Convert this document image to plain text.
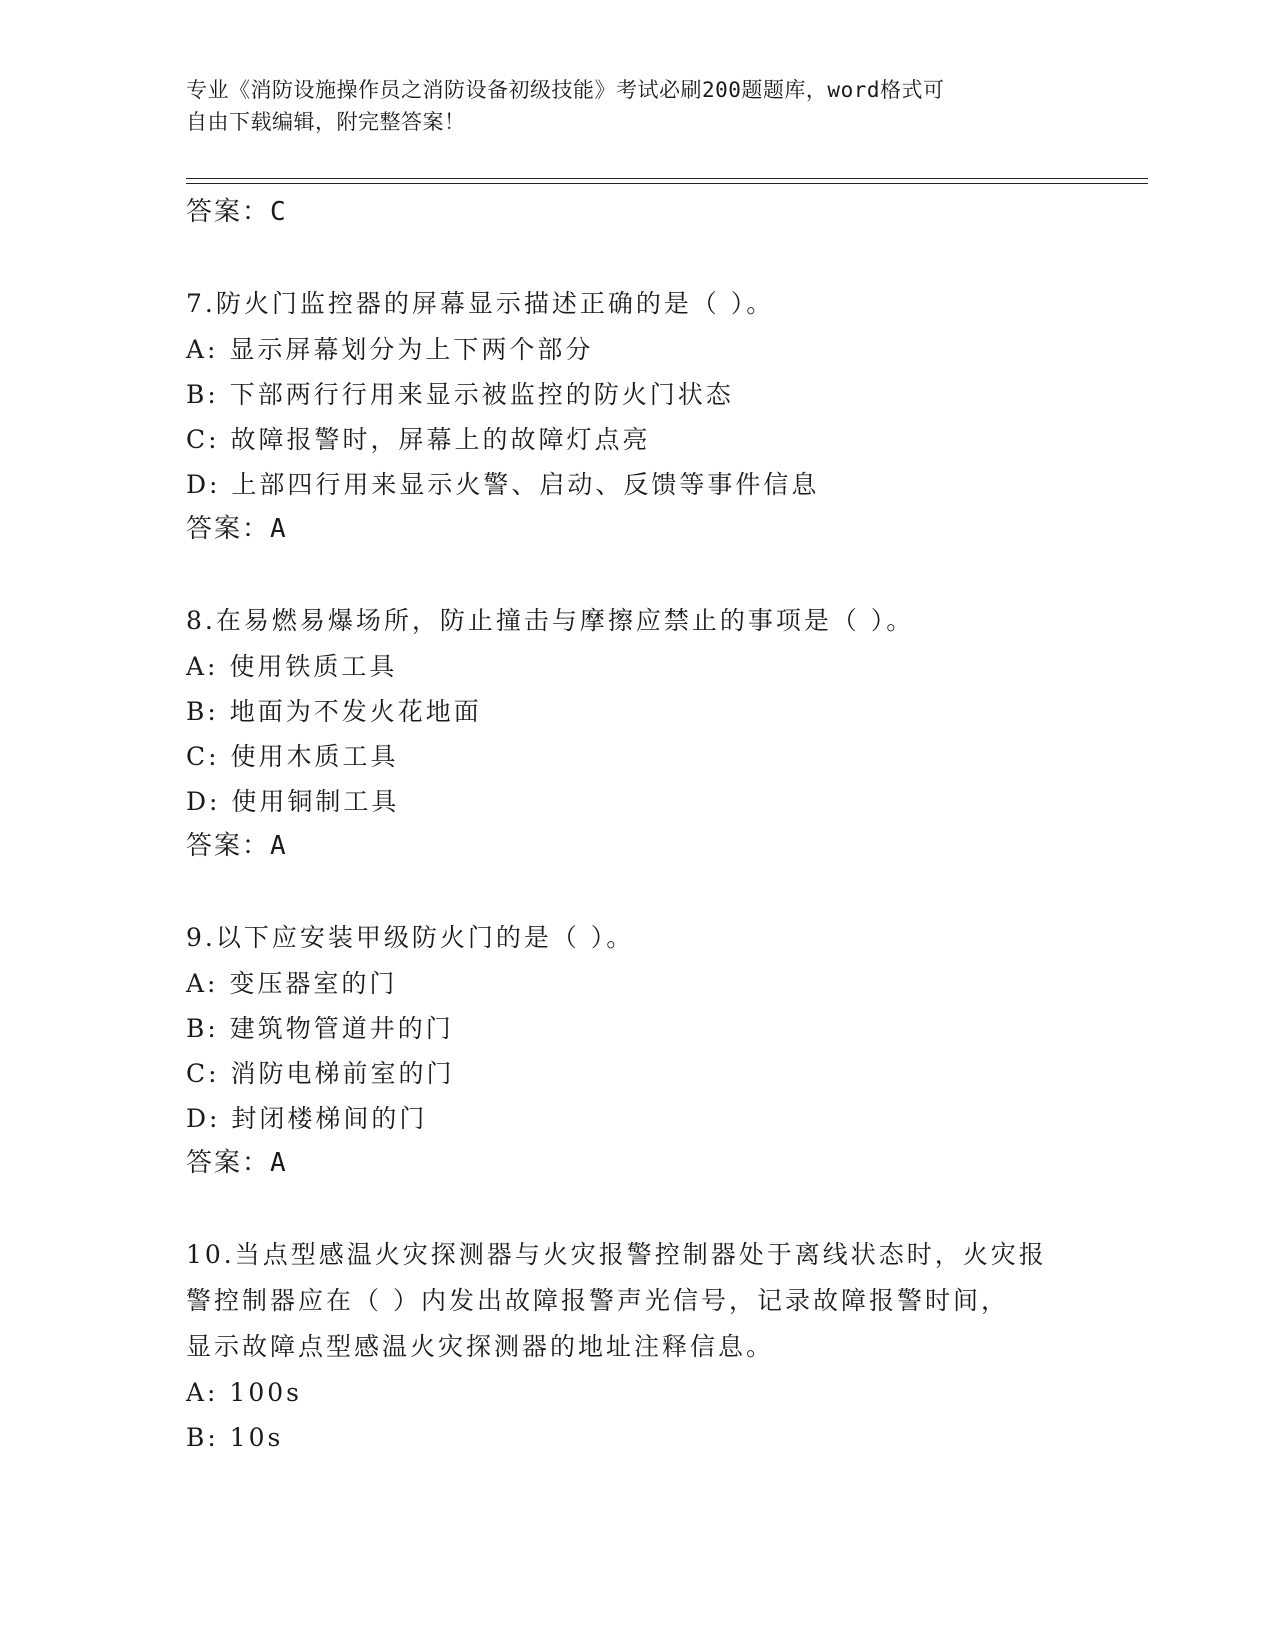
专业《消防设施操作员之消防设备初级技能》考试必刷200题题库，word格式可
自由下载编辑，附完整答案！
答案：C
7.防火门监控器的屏幕显示描述正确的是（ ）。
A: 显示屏幕划分为上下两个部分
B: 下部两行行用来显示被监控的防火门状态
C: 故障报警时，屏幕上的故障灯点亮
D: 上部四行用来显示火警、启动、反馈等事件信息
答案：A
8.在易燃易爆场所，防止撞击与摩擦应禁止的事项是（ ）。
A: 使用铁质工具
B: 地面为不发火花地面
C: 使用木质工具
D: 使用铜制工具
答案：A
9.以下应安装甲级防火门的是（ ）。
A: 变压器室的门
B: 建筑物管道井的门
C: 消防电梯前室的门
D: 封闭楼梯间的门
答案：A
10.当点型感温火灾探测器与火灾报警控制器处于离线状态时，火灾报
警控制器应在（ ）内发出故障报警声光信号，记录故障报警时间，
显示故障点型感温火灾探测器的地址注释信息。
A: 100s
B: 10s
